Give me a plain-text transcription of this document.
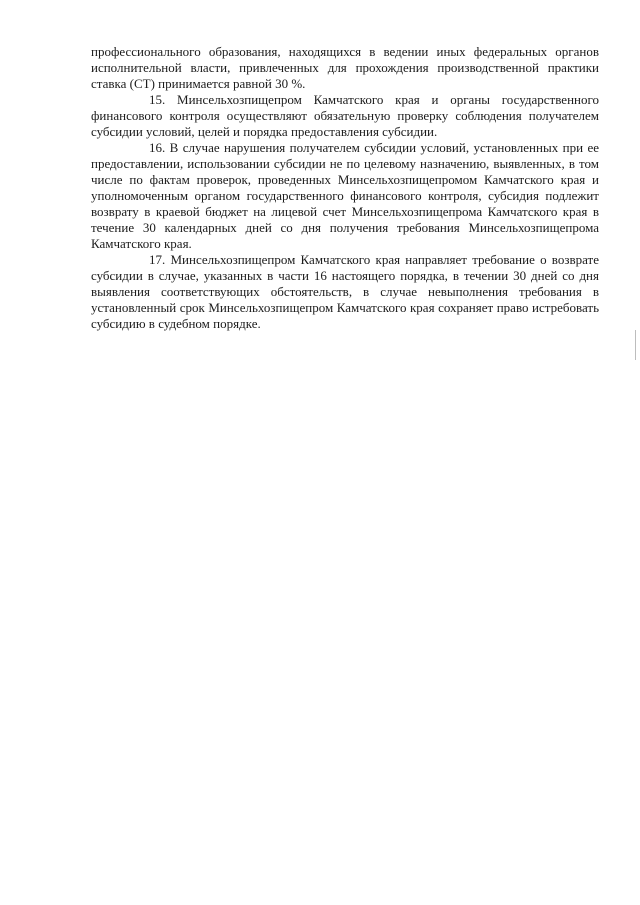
профессионального образования, находящихся в ведении иных федеральных органов исполнительной власти, привлеченных для прохождения производственной практики ставка (СТ) принимается равной 30 %.

15. Минсельхозпищепром Камчатского края и органы государственного финансового контроля осуществляют обязательную проверку соблюдения получателем субсидии условий, целей и порядка предоставления субсидии.

16. В случае нарушения получателем субсидии условий, установленных при ее предоставлении, использовании субсидии не по целевому назначению, выявленных, в том числе по фактам проверок, проведенных Минсельхозпищепромом Камчатского края и уполномоченным органом государственного финансового контроля, субсидия подлежит возврату в краевой бюджет на лицевой счет Минсельхозпищепрома Камчатского края в течение 30 календарных дней со дня получения требования Минсельхозпищепрома Камчатского края.

17. Минсельхозпищепром Камчатского края направляет требование о возврате субсидии в случае, указанных в части 16 настоящего порядка, в течении 30 дней со дня выявления соответствующих обстоятельств, в случае невыполнения требования в установленный срок Минсельхозпищепром Камчатского края сохраняет право истребовать субсидию в судебном порядке.
